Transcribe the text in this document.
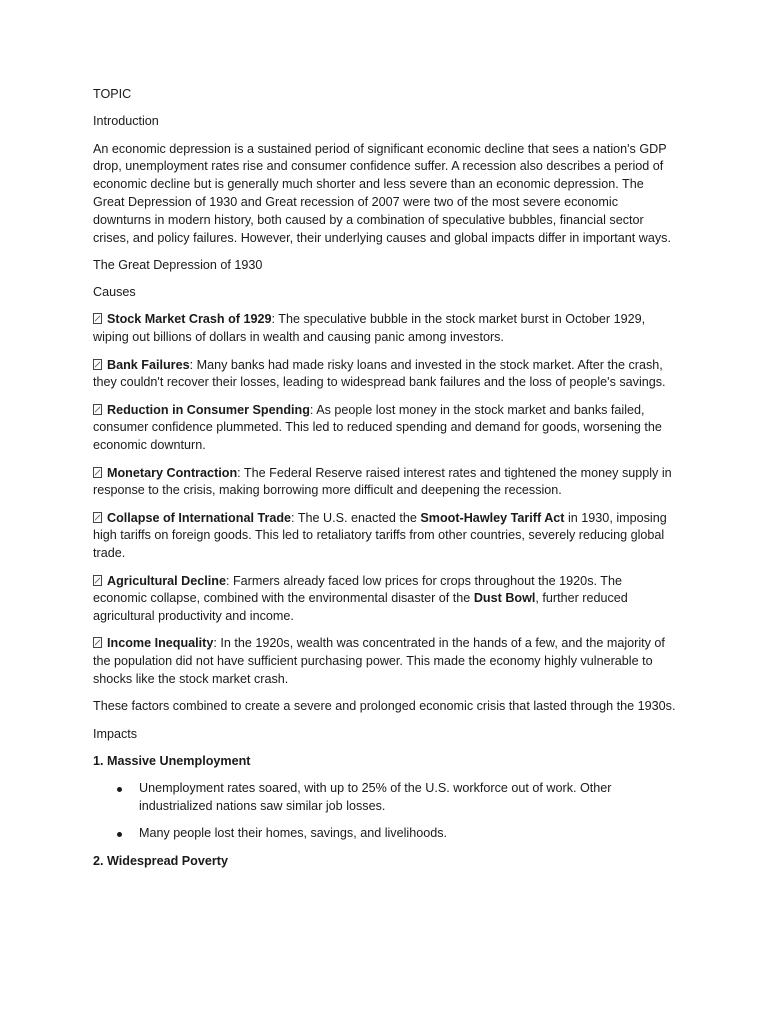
TOPIC

Introduction

An economic depression is a sustained period of significant economic decline that sees a nation's GDP drop, unemployment rates rise and consumer confidence suffer. A recession also describes a period of economic decline but is generally much shorter and less severe than an economic depression. The Great Depression of 1930 and Great recession of 2007 were two of the most severe economic downturns in modern history, both caused by a combination of speculative bubbles, financial sector crises, and policy failures. However, their underlying causes and global impacts differ in important ways.

The Great Depression of 1930

Causes

Stock Market Crash of 1929: The speculative bubble in the stock market burst in October 1929, wiping out billions of dollars in wealth and causing panic among investors.

Bank Failures: Many banks had made risky loans and invested in the stock market. After the crash, they couldn't recover their losses, leading to widespread bank failures and the loss of people's savings.

Reduction in Consumer Spending: As people lost money in the stock market and banks failed, consumer confidence plummeted. This led to reduced spending and demand for goods, worsening the economic downturn.

Monetary Contraction: The Federal Reserve raised interest rates and tightened the money supply in response to the crisis, making borrowing more difficult and deepening the recession.

Collapse of International Trade: The U.S. enacted the Smoot-Hawley Tariff Act in 1930, imposing high tariffs on foreign goods. This led to retaliatory tariffs from other countries, severely reducing global trade.

Agricultural Decline: Farmers already faced low prices for crops throughout the 1920s. The economic collapse, combined with the environmental disaster of the Dust Bowl, further reduced agricultural productivity and income.

Income Inequality: In the 1920s, wealth was concentrated in the hands of a few, and the majority of the population did not have sufficient purchasing power. This made the economy highly vulnerable to shocks like the stock market crash.

These factors combined to create a severe and prolonged economic crisis that lasted through the 1930s.

Impacts

1. Massive Unemployment

Unemployment rates soared, with up to 25% of the U.S. workforce out of work. Other industrialized nations saw similar job losses.
Many people lost their homes, savings, and livelihoods.

2. Widespread Poverty
